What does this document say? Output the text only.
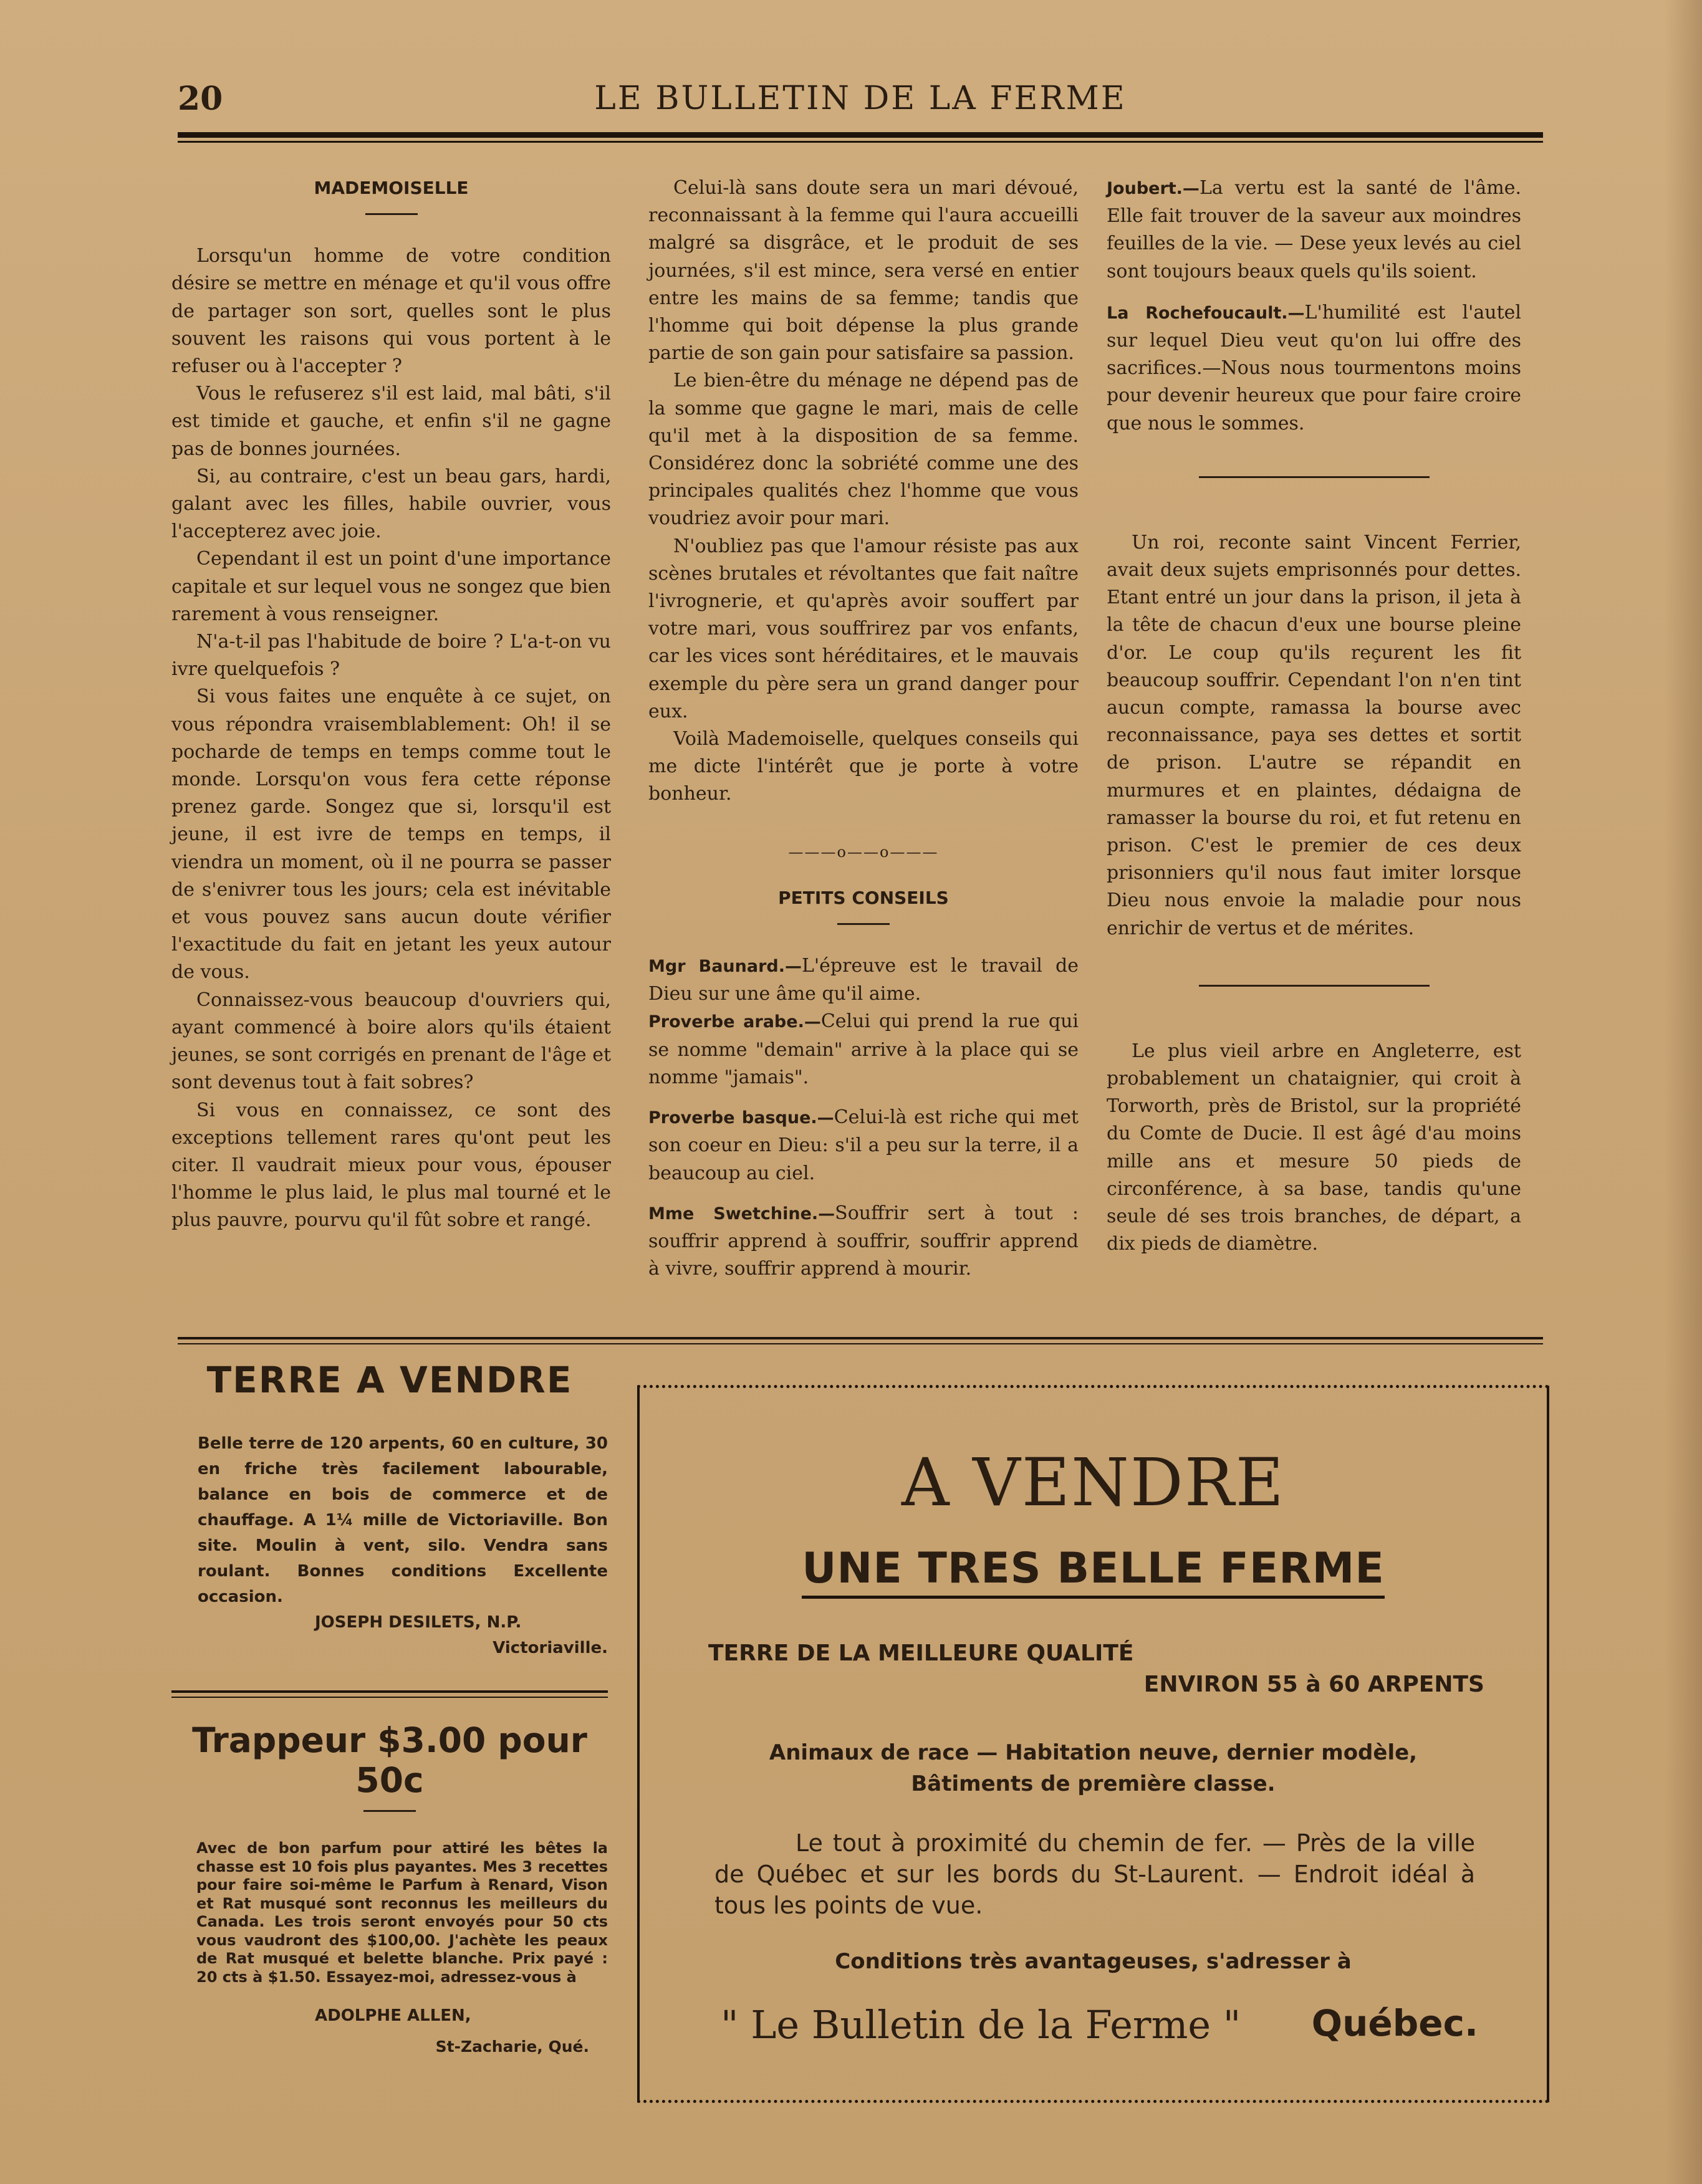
20	LE BULLETIN DE LA FERME
MADEMOISELLE

Lorsqu'un homme de votre condition désire se mettre en ménage et qu'il vous offre de partager son sort, quelles sont le plus souvent les raisons qui vous portent à le refuser ou à l'accepter ?

Vous le refuserez s'il est laid, mal bâti, s'il est timide et gauche, et enfin s'il ne gagne pas de bonnes journées.

Si, au contraire, c'est un beau gars, hardi, galant avec les filles, habile ouvrier, vous l'accepterez avec joie.

Cependant il est un point d'une importance capitale et sur lequel vous ne songez que bien rarement à vous renseigner.

N'a-t-il pas l'habitude de boire ? L'a-t-on vu ivre quelquefois ?

Si vous faites une enquête à ce sujet, on vous répondra vraisemblablement: Oh! il se pocharde de temps en temps comme tout le monde. Lorsqu'on vous fera cette réponse prenez garde. Songez que si, lorsqu'il est jeune, il est ivre de temps en temps, il viendra un moment, où il ne pourra se passer de s'enivrer tous les jours; cela est inévitable et vous pouvez sans aucun doute vérifier l'exactitude du fait en jetant les yeux autour de vous.

Connaissez-vous beaucoup d'ouvriers qui, ayant commencé à boire alors qu'ils étaient jeunes, se sont corrigés en prenant de l'âge et sont devenus tout à fait sobres?

Si vous en connaissez, ce sont des exceptions tellement rares qu'ont peut les citer. Il vaudrait mieux pour vous, épouser l'homme le plus laid, le plus mal tourné et le plus pauvre, pourvu qu'il fût sobre et rangé.

Celui-là sans doute sera un mari dévoué, reconnaissant à la femme qui l'aura accueilli malgré sa disgrâce, et le produit de ses journées, s'il est mince, sera versé en entier entre les mains de sa femme; tandis que l'homme qui boit dépense la plus grande partie de son gain pour satisfaire sa passion.

Le bien-être du ménage ne dépend pas de la somme que gagne le mari, mais de celle qu'il met à la disposition de sa femme. Considérez donc la sobriété comme une des principales qualités chez l'homme que vous voudriez avoir pour mari.

N'oubliez pas que l'amour résiste pas aux scènes brutales et révoltantes que fait naître l'ivrognerie, et qu'après avoir souffert par votre mari, vous souffrirez par vos enfants, car les vices sont héréditaires, et le mauvais exemple du père sera un grand danger pour eux.

Voilà Mademoiselle, quelques conseils qui me dicte l'intérêt que je porte à votre bonheur.

———o——o———
PETITS CONSEILS

Mgr Baunard.—L'épreuve est le travail de Dieu sur une âme qu'il aime.

Proverbe arabe.—Celui qui prend la rue qui se nomme "demain" arrive à la place qui se nomme "jamais".

Proverbe basque.—Celui-là est riche qui met son coeur en Dieu: s'il a peu sur la terre, il a beaucoup au ciel.

Mme Swetchine.—Souffrir sert à tout : souffrir apprend à souffrir, souffrir apprend à vivre, souffrir apprend à mourir.

Joubert.—La vertu est la santé de l'âme. Elle fait trouver de la saveur aux moindres feuilles de la vie. — Dese yeux levés au ciel sont toujours beaux quels qu'ils soient.

La Rochefoucault.—L'humilité est l'autel sur lequel Dieu veut qu'on lui offre des sacrifices.—Nous nous tourmentons moins pour devenir heureux que pour faire croire que nous le sommes.

Un roi, reconte saint Vincent Ferrier, avait deux sujets emprisonnés pour dettes. Etant entré un jour dans la prison, il jeta à la tête de chacun d'eux une bourse pleine d'or. Le coup qu'ils reçurent les fit beaucoup souffrir. Cependant l'on n'en tint aucun compte, ramassa la bourse avec reconnaissance, paya ses dettes et sortit de prison. L'autre se répandit en murmures et en plaintes, dédaigna de ramasser la bourse du roi, et fut retenu en prison. C'est le premier de ces deux prisonniers qu'il nous faut imiter lorsque Dieu nous envoie la maladie pour nous enrichir de vertus et de mérites.

Le plus vieil arbre en Angleterre, est probablement un chataignier, qui croit à Torworth, près de Bristol, sur la propriété du Comte de Ducie. Il est âgé d'au moins mille ans et mesure 50 pieds de circonférence, à sa base, tandis qu'une seule dé ses trois branches, de départ, a dix pieds de diamètre.

TERRE A VENDRE
Belle terre de 120 arpents, 60 en culture, 30 en friche très facilement labourable, balance en bois de commerce et de chauffage. A 1¼ mille de Victoriaville. Bon site. Moulin à vent, silo. Vendra sans roulant. Bonnes conditions Excellente occasion.
JOSEPH DESILETS, N.P.
Victoriaville.
Trappeur $3.00 pour 50c
Avec de bon parfum pour attiré les bêtes la chasse est 10 fois plus payantes. Mes 3 recettes pour faire soi-même le Parfum à Renard, Vison et Rat musqué sont reconnus les meilleurs du Canada. Les trois seront envoyés pour 50 cts vous vaudront des $100,00. J'achète les peaux de Rat musqué et belette blanche. Prix payé : 20 cts à $1.50. Essayez-moi, adressez-vous à
ADOLPHE ALLEN,
St-Zacharie, Qué.
A VENDRE
UNE TRES BELLE FERME
TERRE DE LA MEILLEURE QUALITÉ
ENVIRON 55 à 60 ARPENTS
Animaux de race — Habitation neuve, dernier modèle,
Bâtiments de première classe.
Le tout à proximité du chemin de fer. — Près de la ville de Québec et sur les bords du St-Laurent. — Endroit idéal à tous les points de vue.
Conditions très avantageuses, s'adresser à
" Le Bulletin de la Ferme " Québec.
